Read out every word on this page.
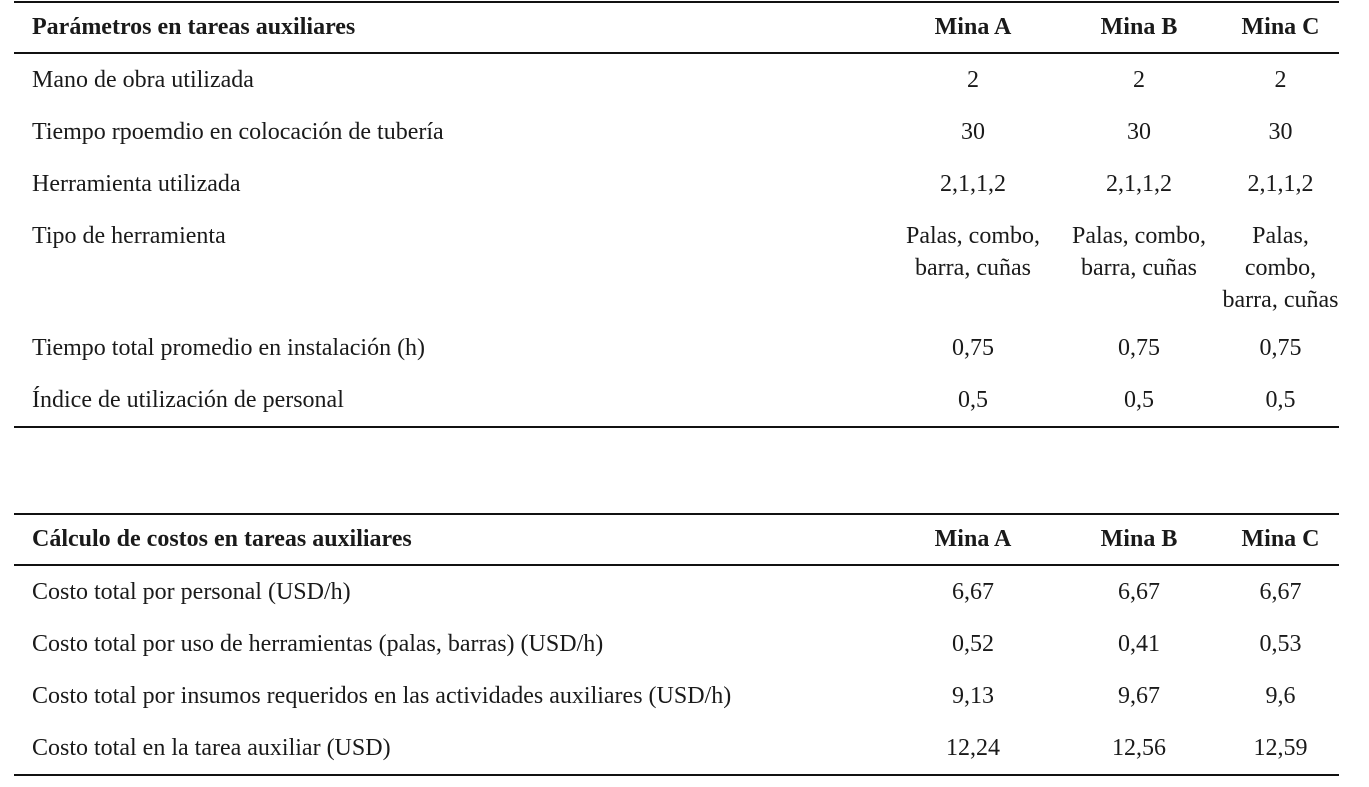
Parámetros en tareas auxiliares	Mina A	Mina B	Mina C
Mano de obra utilizada	2	2	2
Tiempo rpoemdio en colocación de tubería	30	30	30
Herramienta utilizada	2,1,1,2	2,1,1,2	2,1,1,2
Tipo de herramienta	Palas, combo, barra, cuñas	Palas, combo, barra, cuñas	Palas, combo, barra, cuñas
Tiempo total promedio en instalación (h)	0,75	0,75	0,75
Índice de utilización de personal	0,5	0,5	0,5
Cálculo de costos en tareas auxiliares	Mina A	Mina B	Mina C
Costo total por personal (USD/h)	6,67	6,67	6,67
Costo total por uso de herramientas (palas, barras) (USD/h)	0,52	0,41	0,53
Costo total por insumos requeridos en las actividades auxiliares (USD/h)	9,13	9,67	9,6
Costo total en la tarea auxiliar (USD)	12,24	12,56	12,59
